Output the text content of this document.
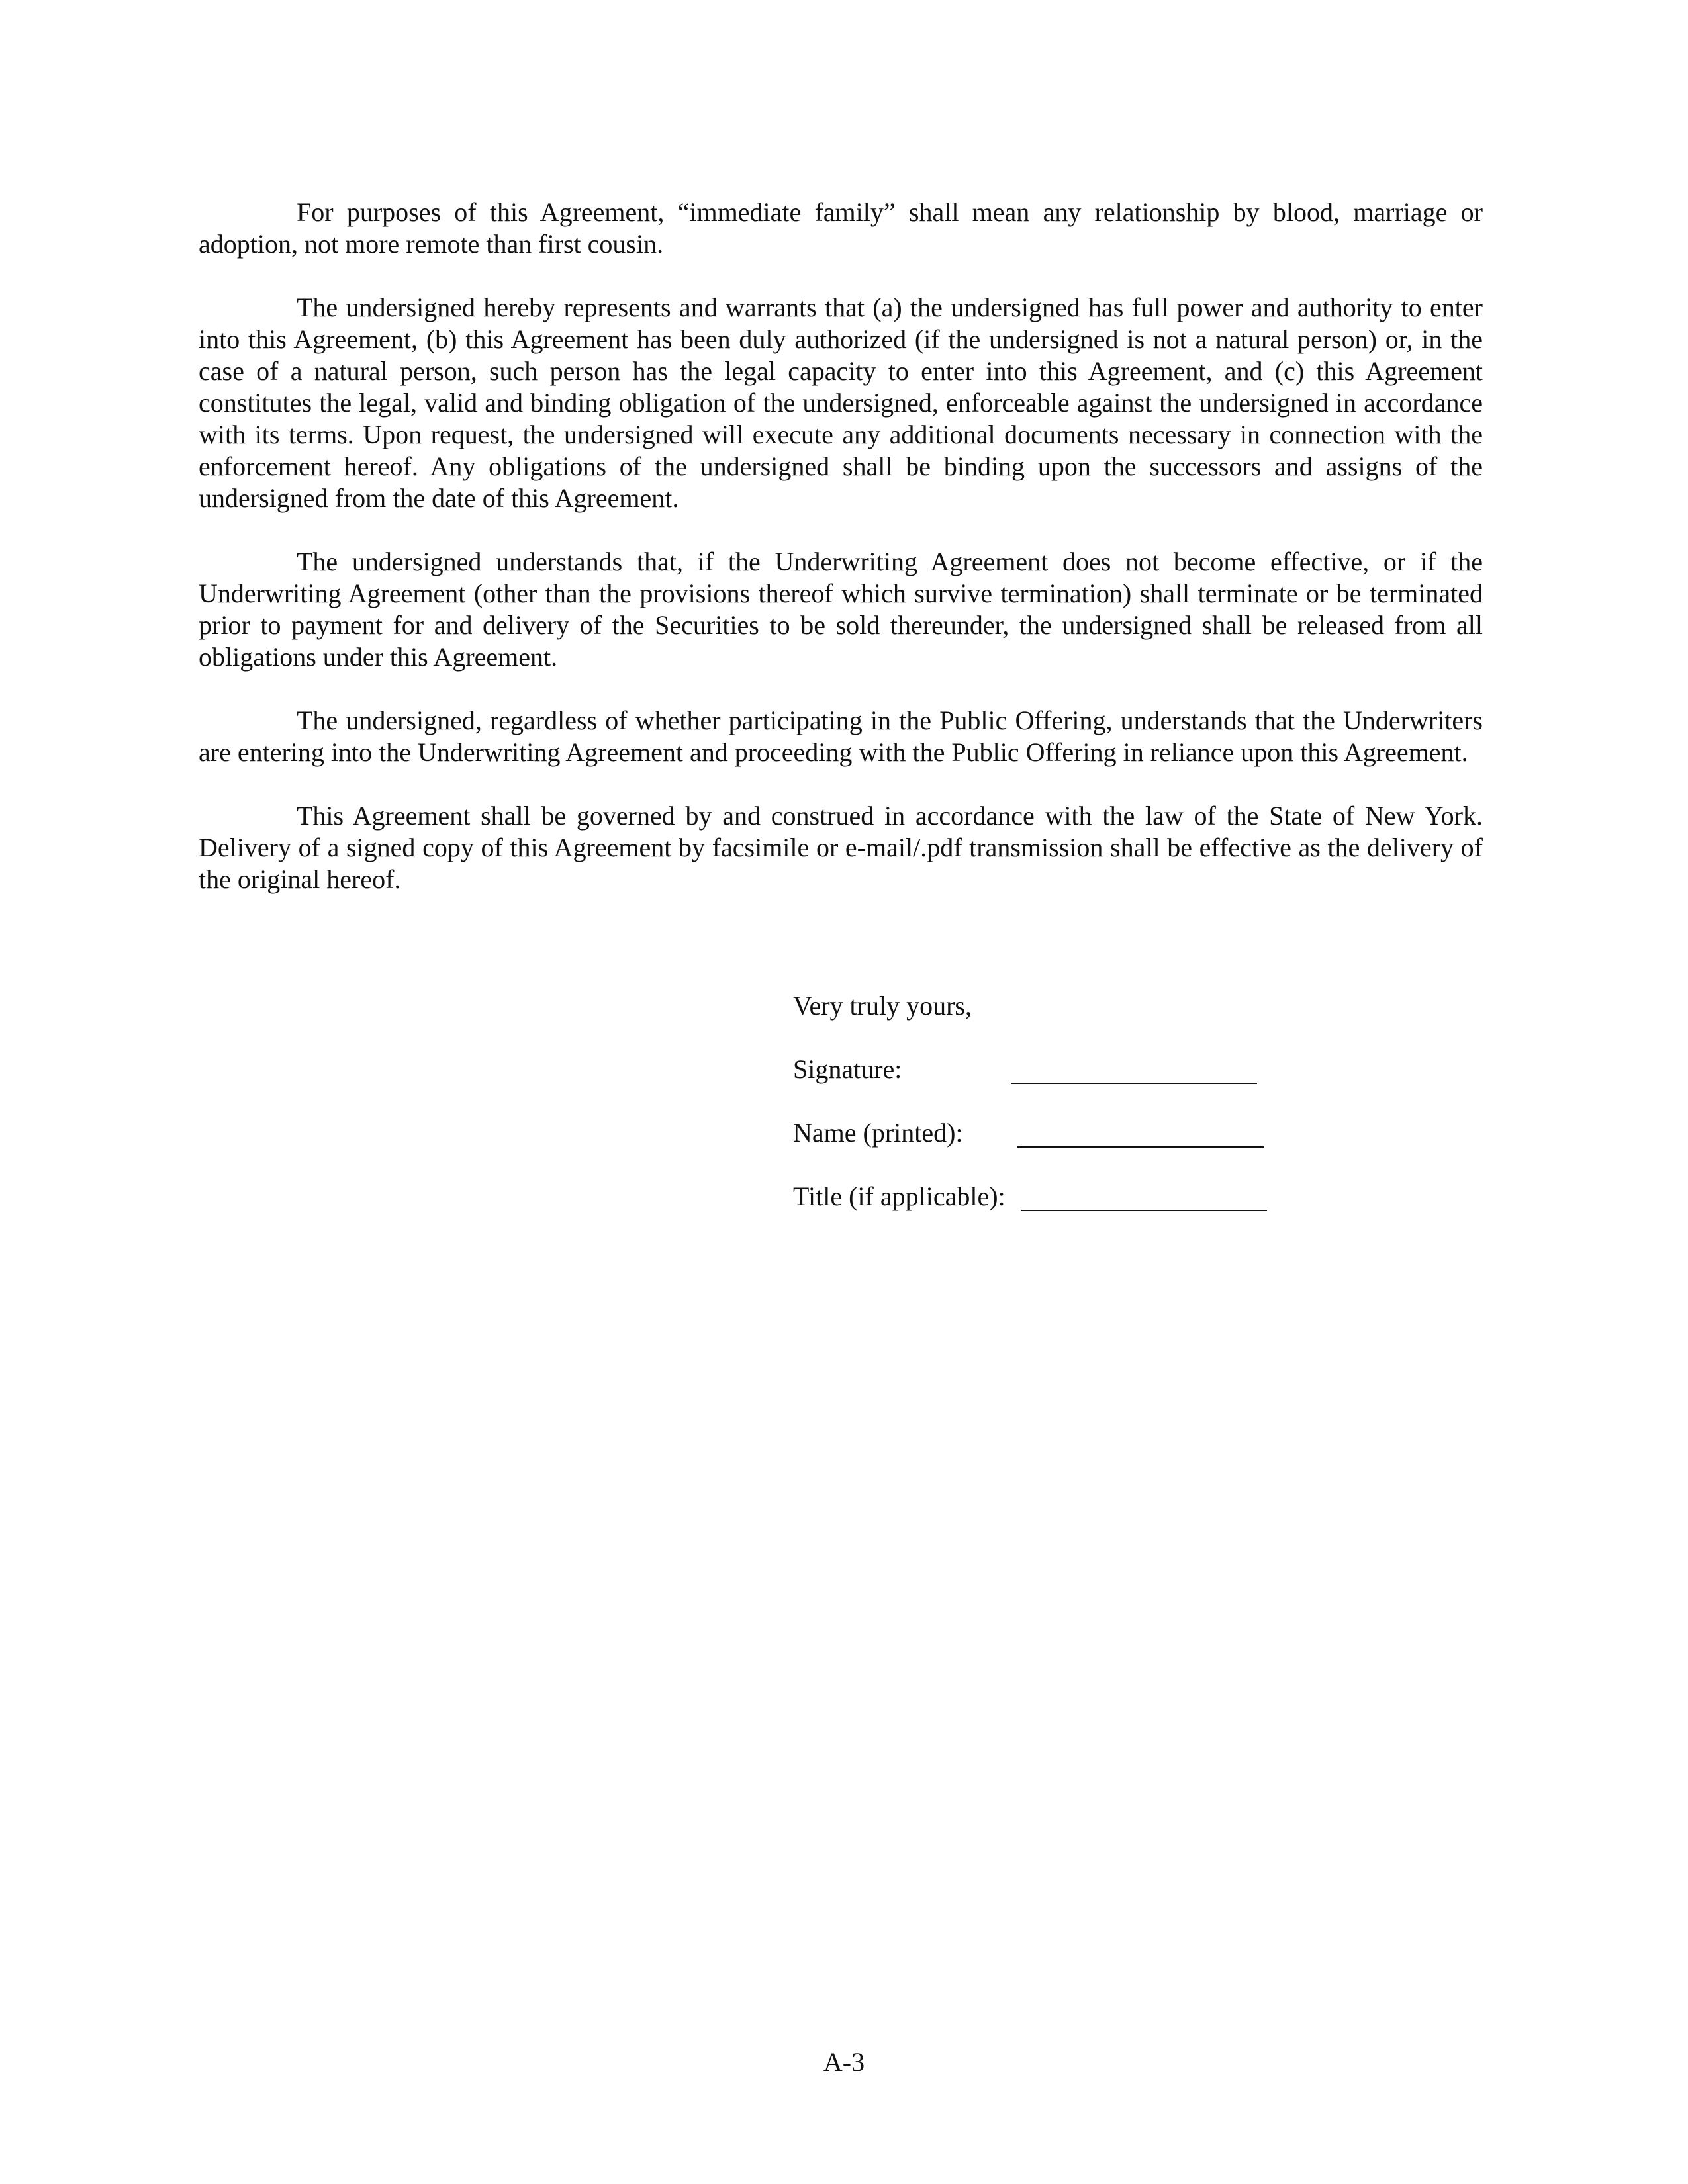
For purposes of this Agreement, “immediate family” shall mean any relationship by blood, marriage or adoption, not more remote than first cousin.

The undersigned hereby represents and warrants that (a) the undersigned has full power and authority to enter into this Agreement, (b) this Agreement has been duly authorized (if the undersigned is not a natural person) or, in the case of a natural person, such person has the legal capacity to enter into this Agreement, and (c) this Agreement constitutes the legal, valid and binding obligation of the undersigned, enforceable against the undersigned in accordance with its terms. Upon request, the undersigned will execute any additional documents necessary in connection with the enforcement hereof. Any obligations of the undersigned shall be binding upon the successors and assigns of the undersigned from the date of this Agreement.

The undersigned understands that, if the Underwriting Agreement does not become effective, or if the Underwriting Agreement (other than the provisions thereof which survive termination) shall terminate or be terminated prior to payment for and delivery of the Securities to be sold thereunder, the undersigned shall be released from all obligations under this Agreement.

The undersigned, regardless of whether participating in the Public Offering, understands that the Underwriters are entering into the Underwriting Agreement and proceeding with the Public Offering in reliance upon this Agreement.

This Agreement shall be governed by and construed in accordance with the law of the State of New York. Delivery of a signed copy of this Agreement by facsimile or e-mail/.pdf transmission shall be effective as the delivery of the original hereof.

Very truly yours,
Signature:
Name (printed):
Title (if applicable):
A-3
